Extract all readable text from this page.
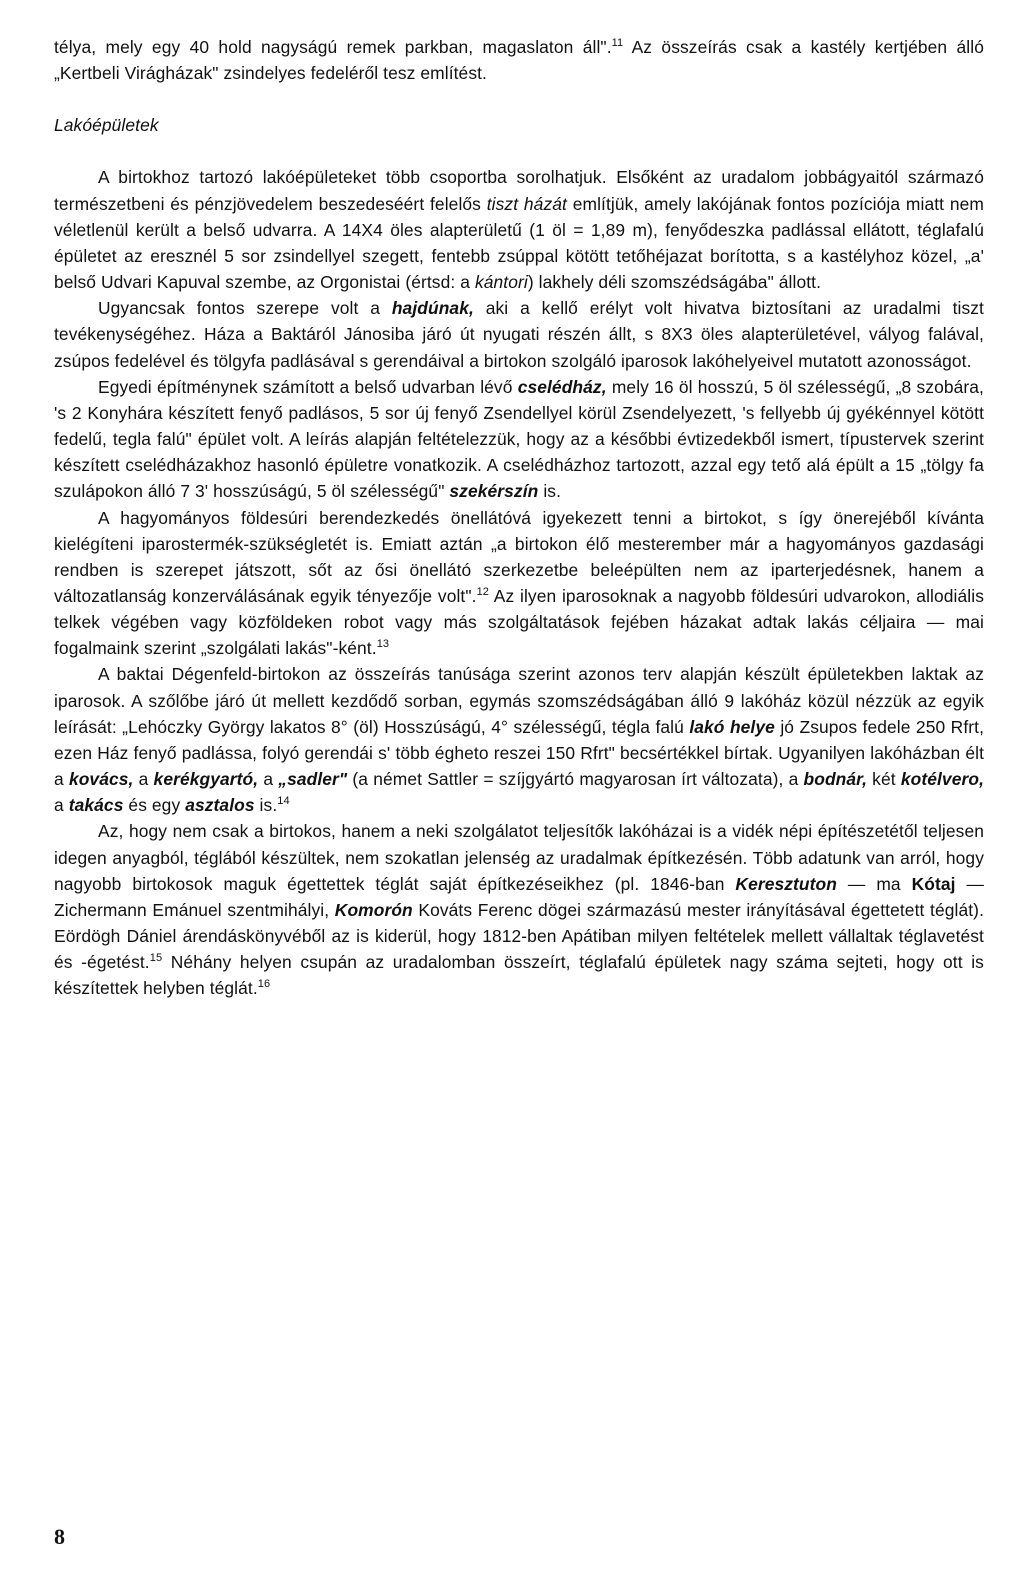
télya, mely egy 40 hold nagyságú remek parkban, magaslaton áll".$^{11}$ Az összeírás csak a kastély kertjében álló „Kertbeli Virágházak" zsindelyes fedeléről tesz említést.

Lakóépületek

A birtokhoz tartozó lakóépületeket több csoportba sorolhatjuk. Elsőként az uradalom jobbágyaitól származó természetbeni és pénzjövedelem beszedeséért felelős tiszt házát említjük, amely lakójának fontos pozíciója miatt nem véletlenül került a belső udvarra. A 14X4 öles alapterületű (1 öl = 1,89 m), fenyődeszka padlással ellátott, téglafalú épületet az eresznél 5 sor zsindellyel szegett, fentebb zsúppal kötött tetőhéjazat borította, s a kastélyhoz közel, „a' belső Udvari Kapuval szembe, az Orgonistai (értsd: a kántori) lakhely déli szomszédságába" állott.

Ugyancsak fontos szerepe volt a hajdúnak, aki a kellő erélyt volt hivatva biztosítani az uradalmi tiszt tevékenységéhez. Háza a Baktáról Jánosiba járó út nyugati részén állt, s 8X3 öles alapterületével, vályog falával, zsúpos fedelével és tölgyfa padlásával s gerendáival a birtokon szolgáló iparosok lakóhelyeivel mutatott azonosságot.

Egyedi építménynek számított a belső udvarban lévő cselédház, mely 16 öl hosszú, 5 öl szélességű, „8 szobára, 's 2 Konyhára készített fenyő padlásos, 5 sor új fenyő Zsendellyel körül Zsendelyezett, 's fellyebb új gyékénnyel kötött fedelű, tegla falú" épület volt. A leírás alapján feltételezzük, hogy az a későbbi évtizedekből ismert, típustervek szerint készített cselédházakhoz hasonló épületre vonatkozik. A cselédházhoz tartozott, azzal egy tető alá épült a 15 „tölgy fa szulápokon álló 7 3' hosszúságú, 5 öl szélességű" szekérszín is.

A hagyományos földesúri berendezkedés önellátóvá igyekezett tenni a birtokot, s így önerejéből kívánta kielégíteni iparostermék-szükségletét is. Emiatt aztán „a birtokon élő mesterember már a hagyományos gazdasági rendben is szerepet játszott, sőt az ősi önellátó szerkezetbe beleépülten nem az iparterjedésnek, hanem a változatlanság konzerválásának egyik tényezője volt".$^{12}$ Az ilyen iparosoknak a nagyobb földesúri udvarokon, allodiális telkek végében vagy közföldeken robot vagy más szolgáltatások fejében házakat adtak lakás céljaira — mai fogalmaink szerint „szolgálati lakás"-ként.$^{13}$

A baktai Dégenfeld-birtokon az összeírás tanúsága szerint azonos terv alapján készült épületekben laktak az iparosok. A szőlőbe járó út mellett kezdődő sorban, egymás szomszédságában álló 9 lakóház közül nézzük az egyik leírását: „Lehóczky György lakatos 8° (öl) Hosszúságú, 4° szélességű, tégla falú lakó helye jó Zsupos fedele 250 Rfrt, ezen Ház fenyő padlássa, folyó gerendái s' több égheto reszei 150 Rfrt" becsértékkel bírtak. Ugyanilyen lakóházban élt a kovács, a kerékgyartó, a „sadler" (a német Sattler = szíjgyártó magyarosan írt változata), a bodnár, két kotélvero, a takács és egy asztalos is.$^{14}$

Az, hogy nem csak a birtokos, hanem a neki szolgálatot teljesítők lakóházai is a vidék népi építészetétől teljesen idegen anyagból, téglából készültek, nem szokatlan jelenség az uradalmak építkezésén. Több adatunk van arról, hogy nagyobb birtokosok maguk égettettek téglát saját építkezéseikhez (pl. 1846-ban Keresztuton — ma Kótaj — Zichermann Emánuel szentmihályi, Komorón Kováts Ferenc dögei származású mester irányításával égettetett téglát). Eördögh Dániel árendáskönyvéből az is kiderül, hogy 1812-ben Apátiban milyen feltételek mellett vállaltak téglavetést és -égetést.$^{15}$ Néhány helyen csupán az uradalomban összeírt, téglafalú épületek nagy száma sejteti, hogy ott is készítettek helyben téglát.$^{16}$

8
